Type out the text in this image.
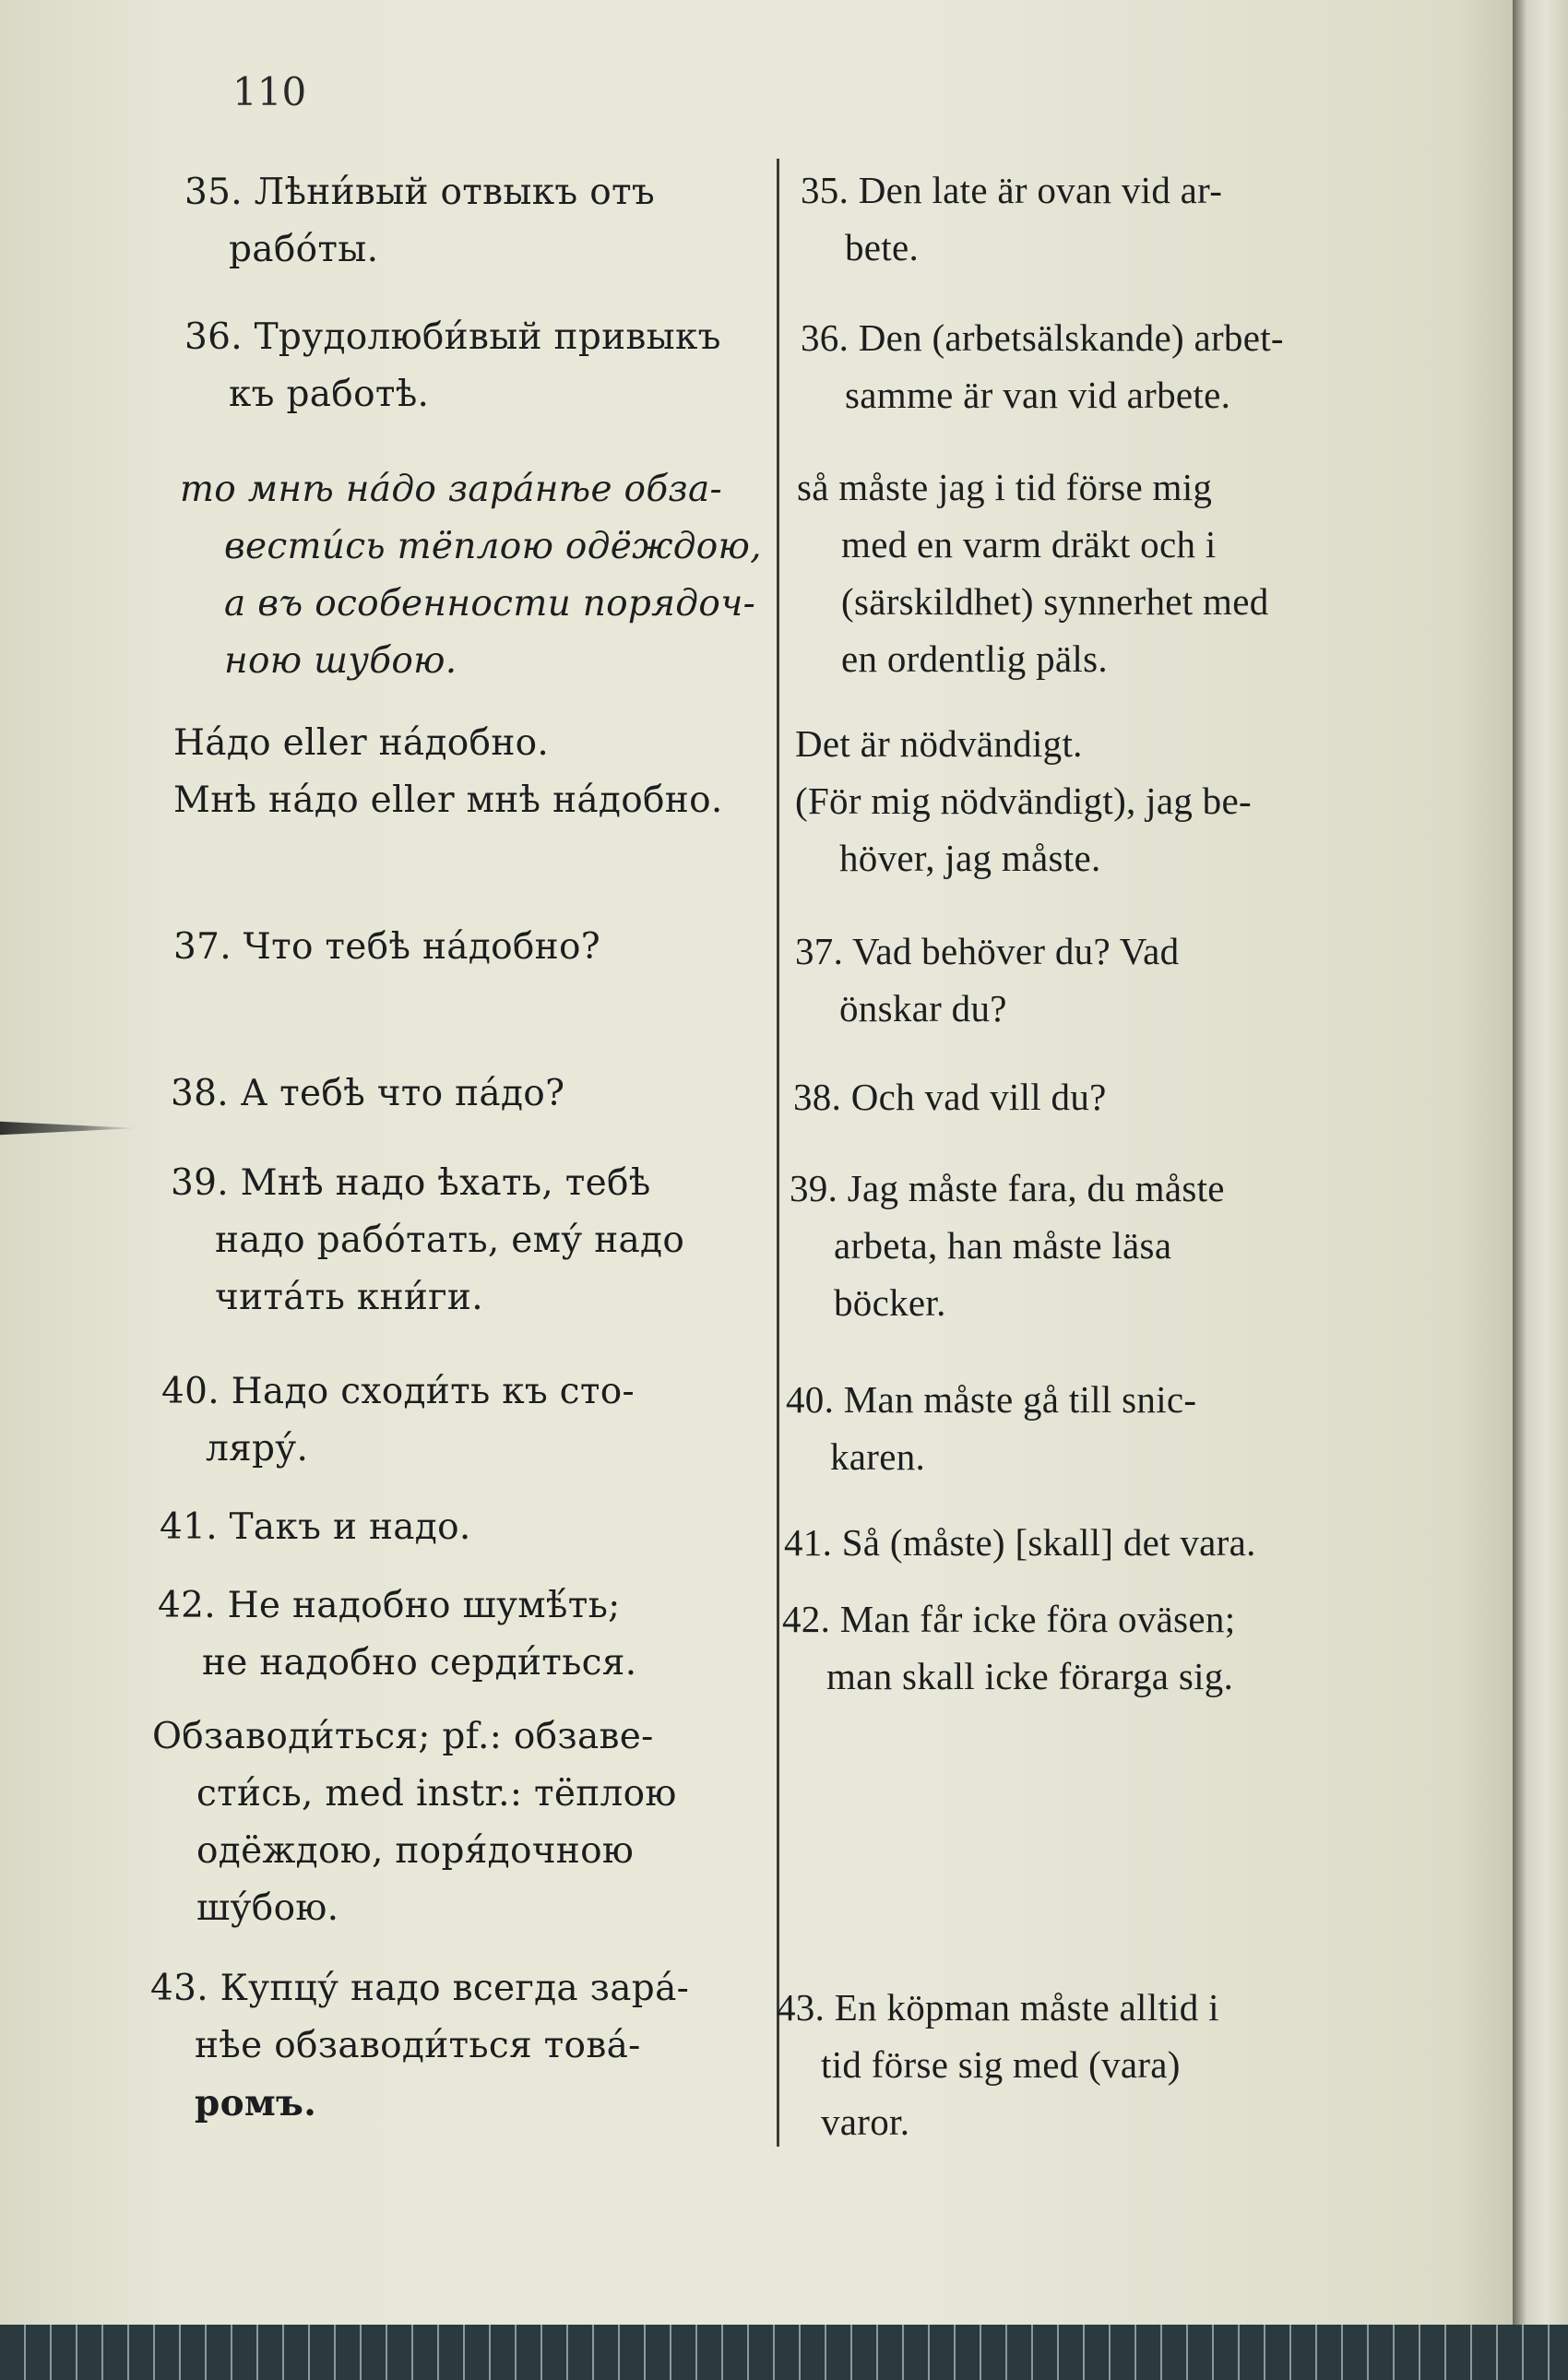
110
35. Лѣни́вый отвыкъ отъ
рабо́ты.
36. Трудолюби́вый привыкъ
къ работѣ.
то мнѣ на́до зара́нѣе обза-
вести́сь тёплою одёждою,
а въ особенности порядоч-
ною шубою.
На́до eller на́добно.
Мнѣ на́до eller мнѣ на́добно.
37. Что тебѣ на́добно?
38. А тебѣ что па́до?
39. Мнѣ надо ѣхать, тебѣ
надо рабо́тать, ему́ надо
чита́ть кни́ги.
40. Надо сходи́ть къ сто-
ляру́.
41. Такъ и надо.
42. Не надобно шумѣ́ть;
не надобно серди́ться.
Обзаводи́ться; pf.: обзаве-
сти́сь, med instr.: тёплою
одёждою, поря́дочною
шу́бою.
43. Купцу́ надо всегда зара́-
нѣе обзаводи́ться това́-
ромъ.
35. Den late är ovan vid ar-
bete.
36. Den (arbetsälskande) arbet-
samme är van vid arbete.
så måste jag i tid förse mig
med en varm dräkt och i
(särskildhet) synnerhet med
en ordentlig päls.
Det är nödvändigt.
(För mig nödvändigt), jag be-
höver, jag måste.
37. Vad behöver du? Vad
önskar du?
38. Och vad vill du?
39. Jag måste fara, du måste
arbeta, han måste läsa
böcker.
40. Man måste gå till snic-
karen.
41. Så (måste) [skall] det vara.
42. Man får icke föra oväsen;
man skall icke förarga sig.
43. En köpman måste alltid i
tid förse sig med (vara)
varor.
